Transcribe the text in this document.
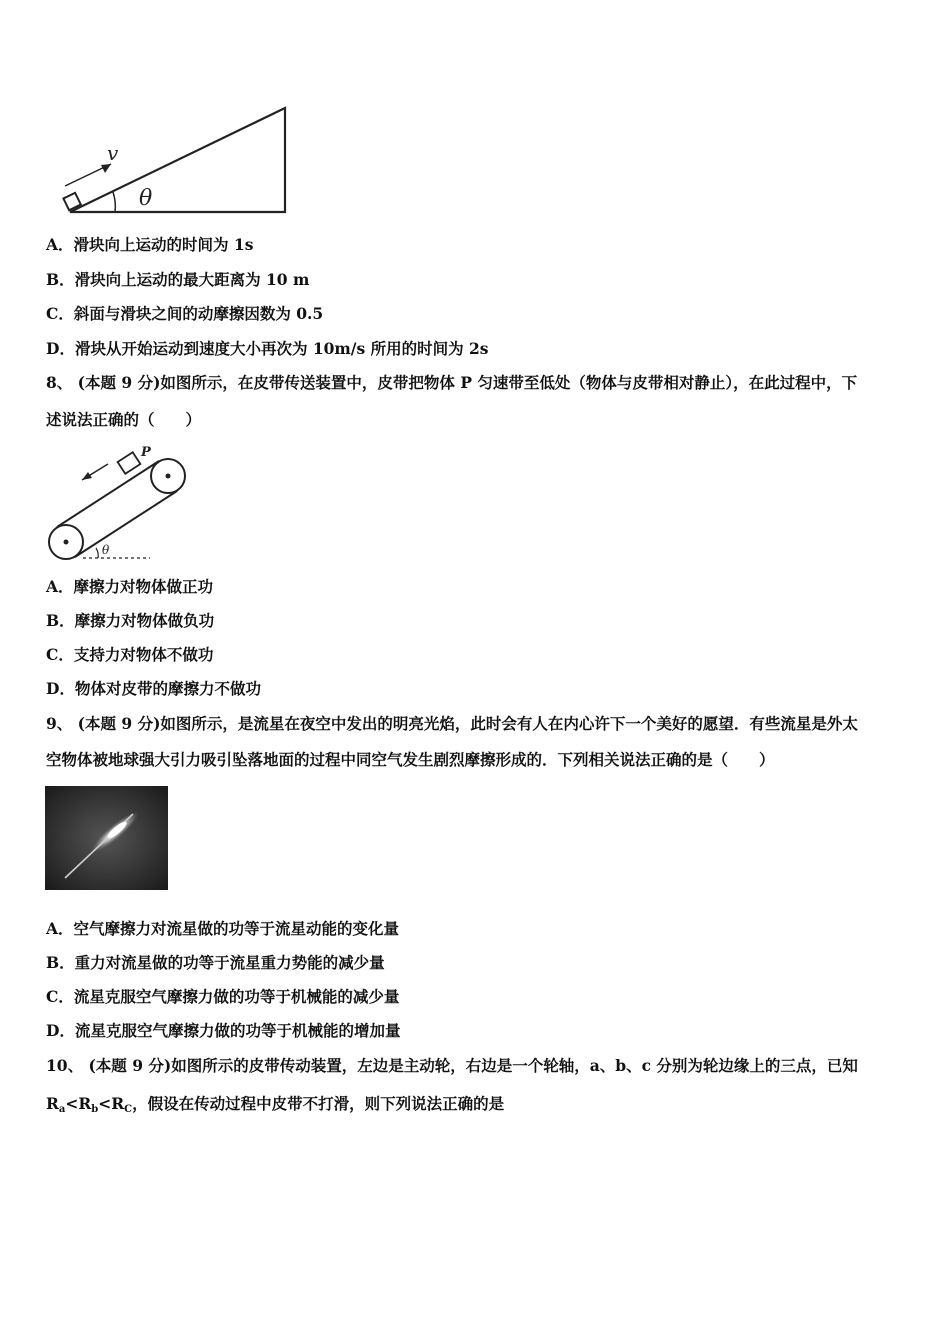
v
θ
A．滑块向上运动的时间为 1s
B．滑块向上运动的最大距离为 10 m
C．斜面与滑块之间的动摩擦因数为 0.5
D．滑块从开始运动到速度大小再次为 10m/s 所用的时间为 2s
8、 (本题 9 分)如图所示，在皮带传送装置中，皮带把物体 P 匀速带至低处（物体与皮带相对静止），在此过程中，下
述说法正确的（　　）
P
θ
A．摩擦力对物体做正功
B．摩擦力对物体做负功
C．支持力对物体不做功
D．物体对皮带的摩擦力不做功
9、 (本题 9 分)如图所示，是流星在夜空中发出的明亮光焰，此时会有人在内心许下一个美好的愿望．有些流星是外太
空物体被地球强大引力吸引坠落地面的过程中同空气发生剧烈摩擦形成的．下列相关说法正确的是（　　）
A．空气摩擦力对流星做的功等于流星动能的变化量
B．重力对流星做的功等于流星重力势能的减少量
C．流星克服空气摩擦力做的功等于机械能的减少量
D．流星克服空气摩擦力做的功等于机械能的增加量
10、 (本题 9 分)如图所示的皮带传动装置，左边是主动轮，右边是一个轮轴，a、b、c 分别为轮边缘上的三点，已知
$R_a<R_b<R_C$，假设在传动过程中皮带不打滑，则下列说法正确的是
